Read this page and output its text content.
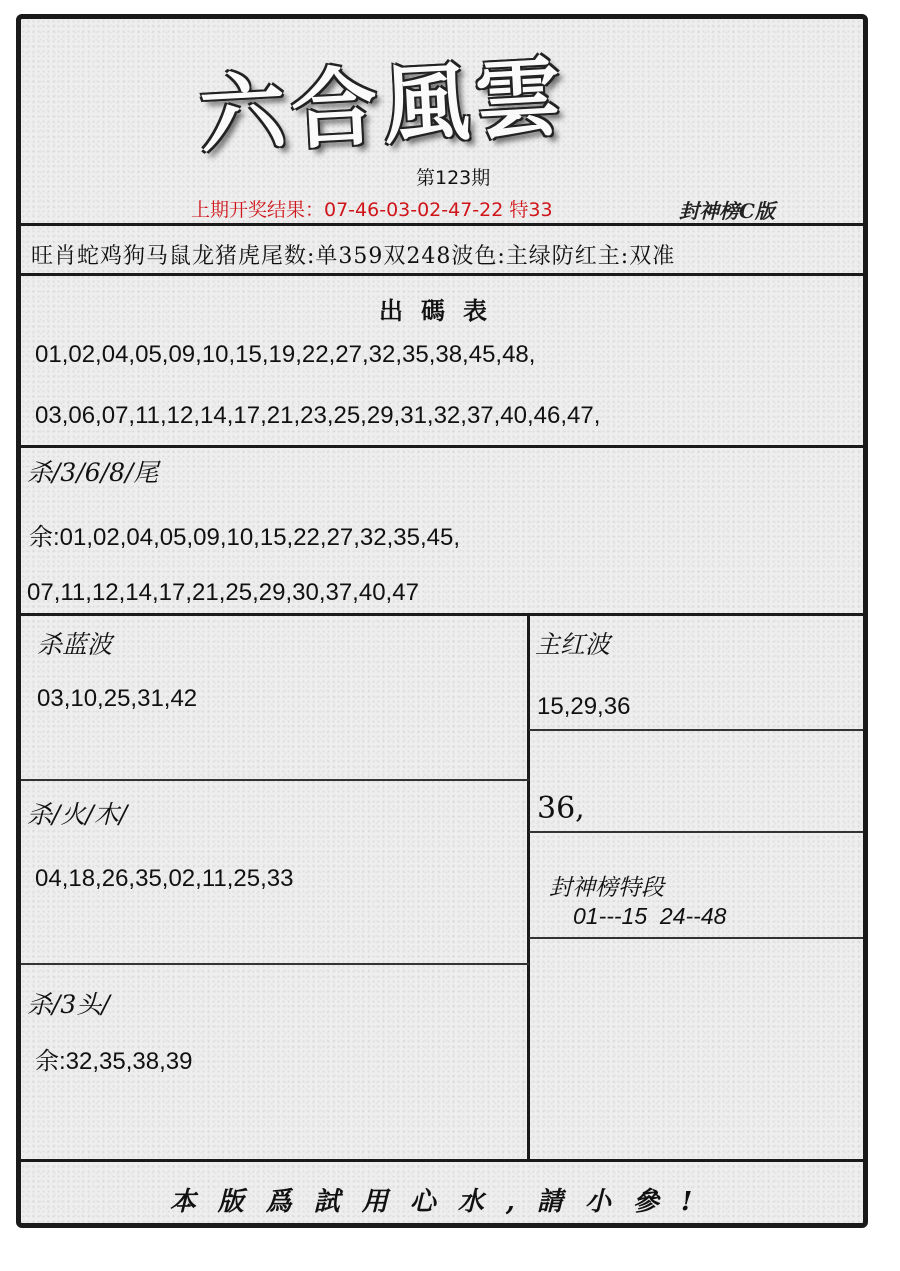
六合風雲
第123期
上期开奖结果：07-46-03-02-47-22 特33	封神榜C版
旺肖蛇鸡狗马鼠龙猪虎尾数:单359双248波色:主绿防红主:双准
出碼表
01,02,04,05,09,10,15,19,22,27,32,35,38,45,48,
03,06,07,11,12,14,17,21,23,25,29,31,32,37,40,46,47,
杀/3/6/8/尾
余:01,02,04,05,09,10,15,22,27,32,35,45,
07,11,12,14,17,21,25,29,30,37,40,47
杀蓝波
03,10,25,31,42
杀/火/木/
04,18,26,35,02,11,25,33
杀/3头/
余:32,35,38,39
主红波
15,29,36
36,
封神榜特段
01---15  24--48
本版爲試用心水,請小參!
